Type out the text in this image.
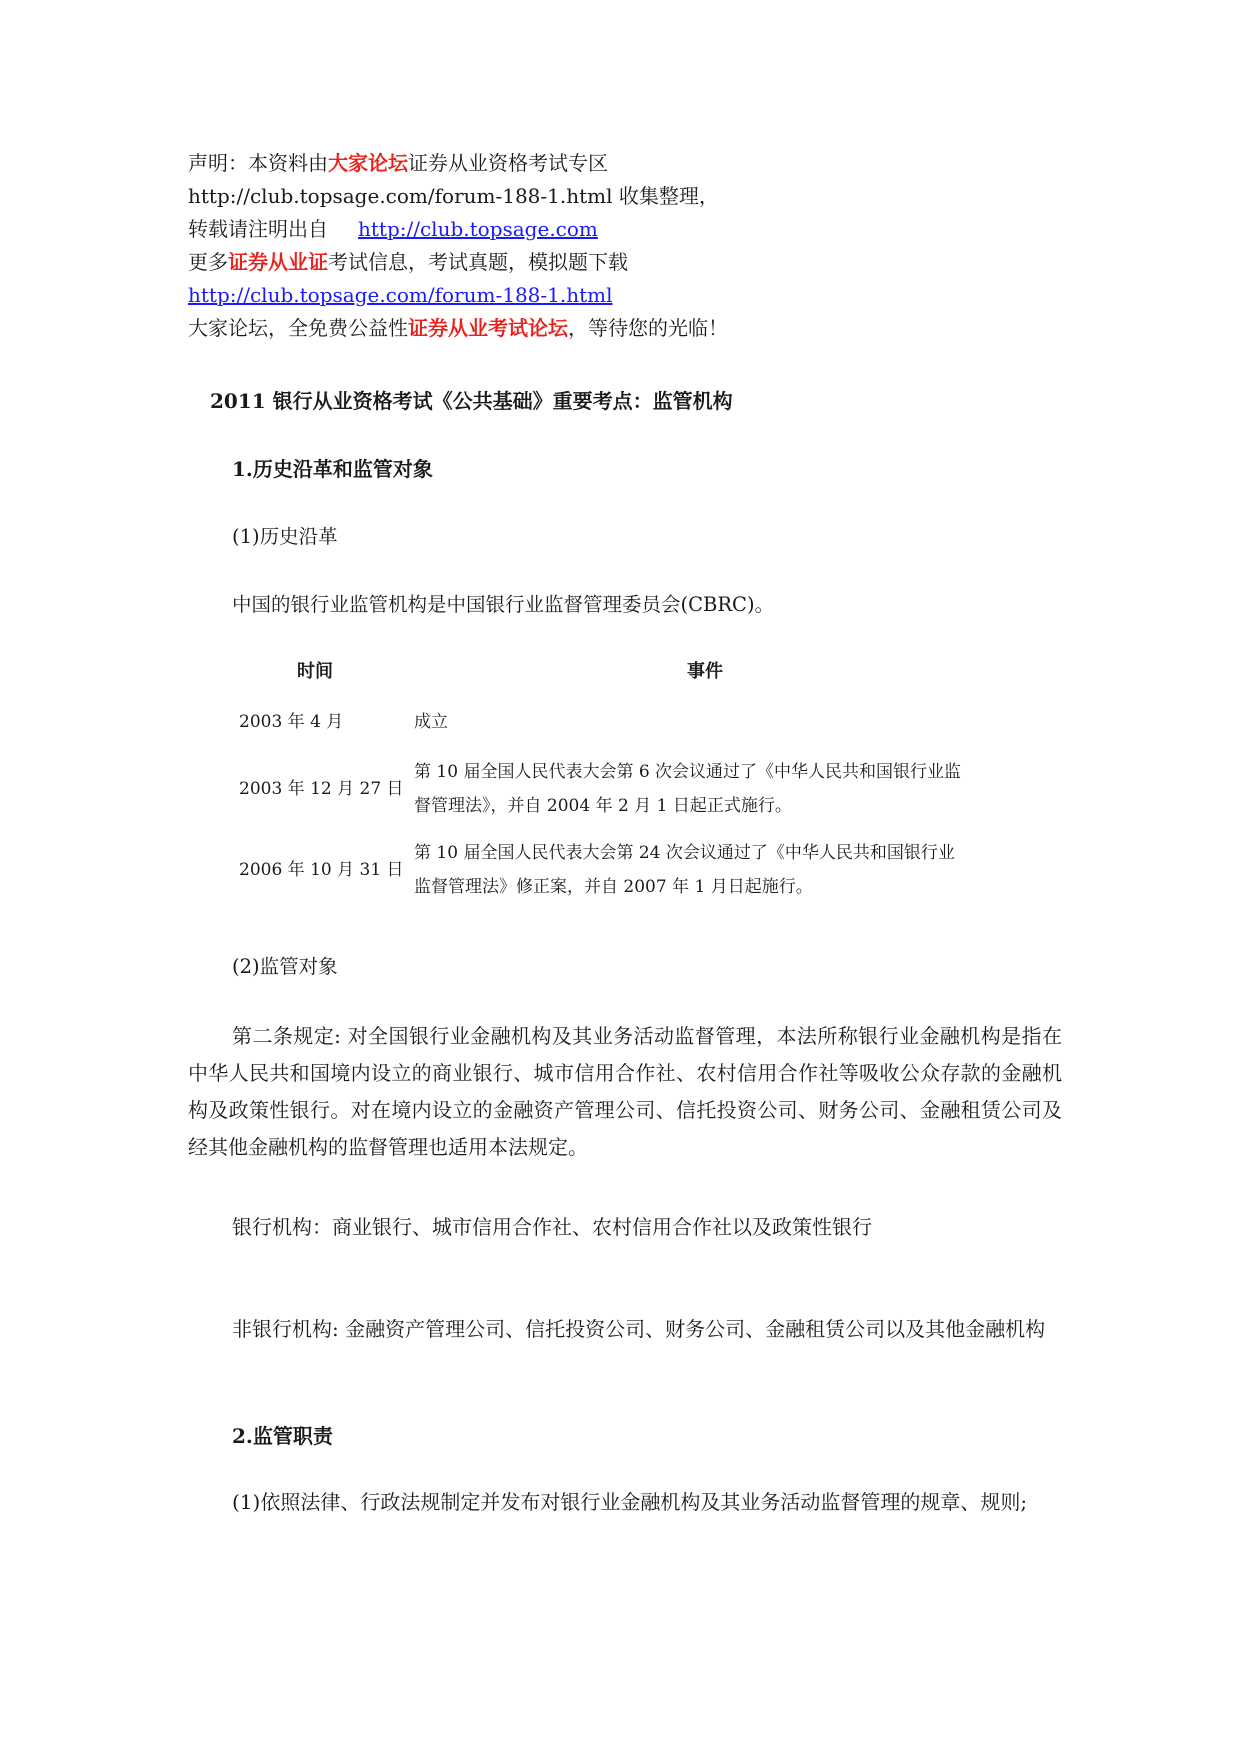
声明：本资料由大家论坛证券从业资格考试专区
http://club.topsage.com/forum-188-1.html 收集整理，
转载请注明出自 http://club.topsage.com
更多证券从业证考试信息，考试真题，模拟题下载
http://club.topsage.com/forum-188-1.html
大家论坛，全免费公益性证券从业考试论坛，等待您的光临！
2011 银行从业资格考试《公共基础》重要考点：监管机构
1.历史沿革和监管对象
(1)历史沿革
中国的银行业监管机构是中国银行业监督管理委员会(CBRC)。
时间	事件
2003 年 4 月	成立
2003 年 12 月 27 日
第 10 届全国人民代表大会第 6 次会议通过了《中华人民共和国银行业监
督管理法》，并自 2004 年 2 月 1 日起正式施行。
2006 年 10 月 31 日
第 10 届全国人民代表大会第 24 次会议通过了《中华人民共和国银行业
监督管理法》修正案，并自 2007 年 1 月日起施行。
(2)监管对象
第二条规定: 对全国银行业金融机构及其业务活动监督管理，本法所称银行业金融机构是指在中华人民共和国境内设立的商业银行、城市信用合作社、农村信用合作社等吸收公众存款的金融机构及政策性银行。对在境内设立的金融资产管理公司、信托投资公司、财务公司、金融租赁公司及经其他金融机构的监督管理也适用本法规定。
银行机构：商业银行、城市信用合作社、农村信用合作社以及政策性银行
非银行机构: 金融资产管理公司、信托投资公司、财务公司、金融租赁公司以及其他金融机构
2.监管职责
(1)依照法律、行政法规制定并发布对银行业金融机构及其业务活动监督管理的规章、规则;
